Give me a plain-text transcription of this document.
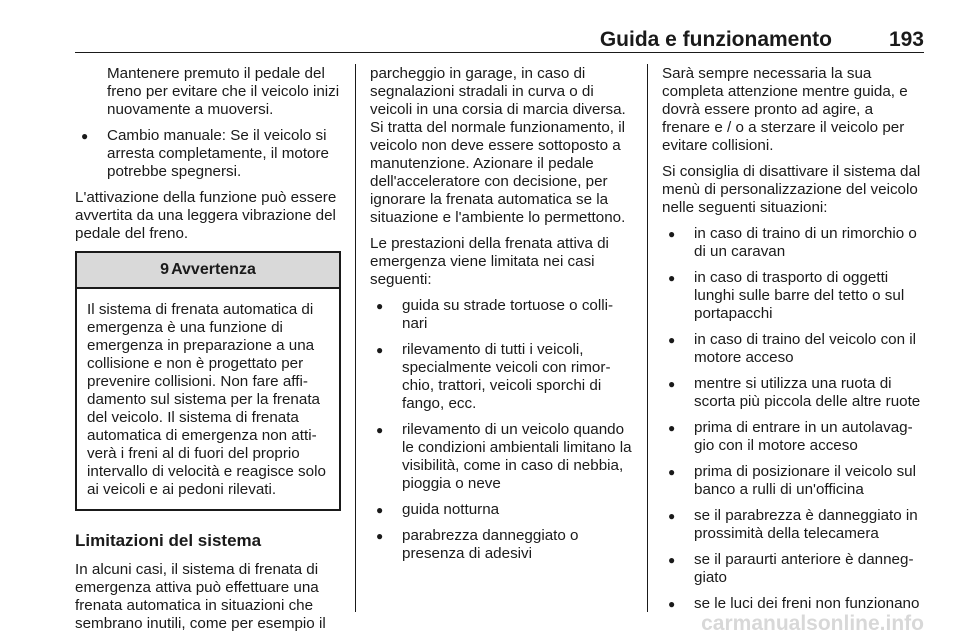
Guida e funzionamento	193

Mantenere premuto il pedale del freno per evitare che il veicolo inizi nuovamente a muoversi.

● Cambio manuale: Se il veicolo si arresta completamente, il motore potrebbe spegnersi.

L'attivazione della funzione può essere avvertita da una leggera vibrazione del pedale del freno.

9 Avvertenza
Il sistema di frenata automatica di emergenza è una funzione di emergenza in preparazione a una collisione e non è progettato per prevenire collisioni. Non fare affidamento sul sistema per la frenata del veicolo. Il sistema di frenata automatica di emergenza non attiverà i freni al di fuori del proprio intervallo di velocità e reagisce solo ai veicoli e ai pedoni rilevati.
Limitazioni del sistema

In alcuni casi, il sistema di frenata di emergenza attiva può effettuare una frenata automatica in situazioni che sembrano inutili, come per esempio il

parcheggio in garage, in caso di segnalazioni stradali in curva o di veicoli in una corsia di marcia diversa. Si tratta del normale funzionamento, il veicolo non deve essere sottoposto a manutenzione. Azionare il pedale dell'acceleratore con decisione, per ignorare la frenata automatica se la situazione e l'ambiente lo permettono.

Le prestazioni della frenata attiva di emergenza viene limitata nei casi seguenti:

● guida su strade tortuose o collinari
● rilevamento di tutti i veicoli, specialmente veicoli con rimorchio, trattori, veicoli sporchi di fango, ecc.
● rilevamento di un veicolo quando le condizioni ambientali limitano la visibilità, come in caso di nebbia, pioggia o neve
● guida notturna
● parabrezza danneggiato o presenza di adesivi

Sarà sempre necessaria la sua completa attenzione mentre guida, e dovrà essere pronto ad agire, a frenare e / o a sterzare il veicolo per evitare collisioni.

Si consiglia di disattivare il sistema dal menù di personalizzazione del veicolo nelle seguenti situazioni:

● in caso di traino di un rimorchio o di un caravan
● in caso di trasporto di oggetti lunghi sulle barre del tetto o sul portapacchi
● in caso di traino del veicolo con il motore acceso
● mentre si utilizza una ruota di scorta più piccola delle altre ruote
● prima di entrare in un autolavaggio con il motore acceso
● prima di posizionare il veicolo sul banco a rulli di un'officina
● se il parabrezza è danneggiato in prossimità della telecamera
● se il paraurti anteriore è danneggiato
● se le luci dei freni non funzionano
carmanualsonline.info
